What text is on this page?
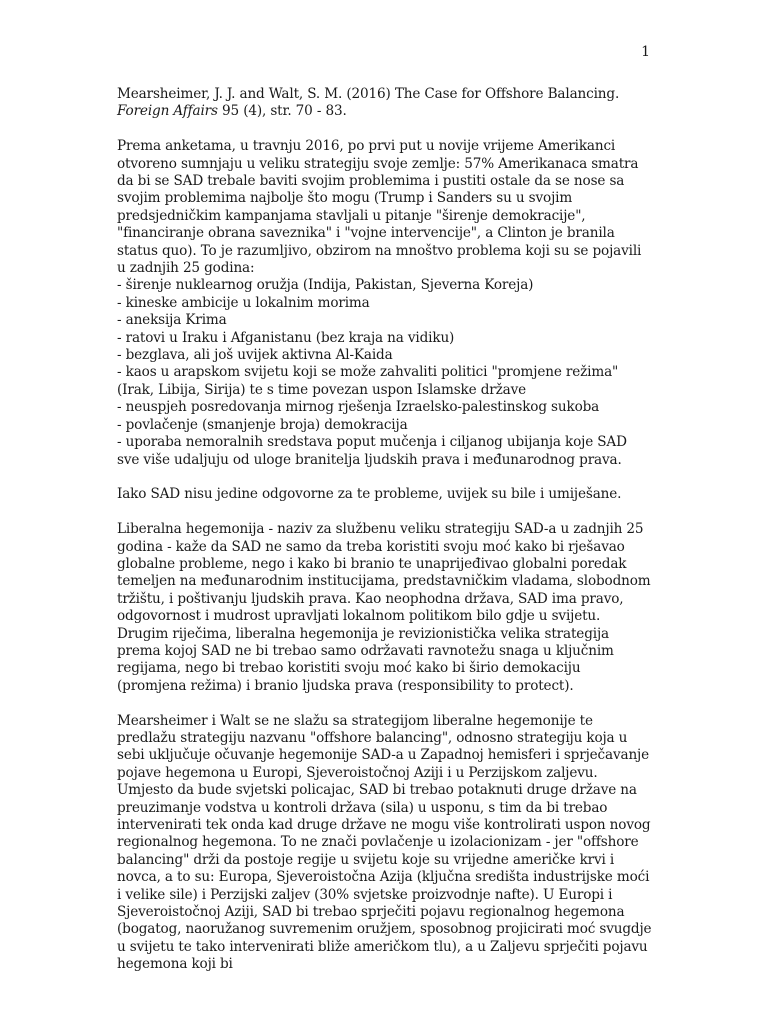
1

Mearsheimer, J. J. and Walt, S. M. (2016) The Case for Offshore Balancing. Foreign Affairs 95 (4), str. 70 - 83.

Prema anketama, u travnju 2016, po prvi put u novije vrijeme Amerikanci otvoreno sumnjaju u veliku strategiju svoje zemlje: 57% Amerikanaca smatra da bi se SAD trebale baviti svojim problemima i pustiti ostale da se nose sa svojim problemima najbolje što mogu (Trump i Sanders su u svojim predsjedničkim kampanjama stavljali u pitanje "širenje demokracije", "financiranje obrana saveznika" i "vojne intervencije", a Clinton je branila status quo). To je razumljivo, obzirom na mnoštvo problema koji su se pojavili u zadnjih 25 godina:

- širenje nuklearnog oružja (Indija, Pakistan, Sjeverna Koreja)
- kineske ambicije u lokalnim morima
- aneksija Krima
- ratovi u Iraku i Afganistanu (bez kraja na vidiku)
- bezglava, ali još uvijek aktivna Al-Kaida
- kaos u arapskom svijetu koji se može zahvaliti politici "promjene režima" (Irak, Libija, Sirija) te s time povezan uspon Islamske države
- neuspjeh posredovanja mirnog rješenja Izraelsko-palestinskog sukoba
- povlačenje (smanjenje broja) demokracija
- uporaba nemoralnih sredstava poput mučenja i ciljanog ubijanja koje SAD sve više udaljuju od uloge branitelja ljudskih prava i međunarodnog prava.

Iako SAD nisu jedine odgovorne za te probleme, uvijek su bile i umiješane.

Liberalna hegemonija - naziv za službenu veliku strategiju SAD-a u zadnjih 25 godina - kaže da SAD ne samo da treba koristiti svoju moć kako bi rješavao globalne probleme, nego i kako bi branio te unaprijeđivao globalni poredak temeljen na međunarodnim institucijama, predstavničkim vladama, slobodnom tržištu, i poštivanju ljudskih prava. Kao neophodna država, SAD ima pravo, odgovornost i mudrost upravljati lokalnom politikom bilo gdje u svijetu. Drugim riječima, liberalna hegemonija je revizionistička velika strategija prema kojoj SAD ne bi trebao samo održavati ravnotežu snaga u ključnim regijama, nego bi trebao koristiti svoju moć kako bi širio demokaciju (promjena režima) i branio ljudska prava (responsibility to protect).

Mearsheimer i Walt se ne slažu sa strategijom liberalne hegemonije te predlažu strategiju nazvanu "offshore balancing", odnosno strategiju koja u sebi uključuje očuvanje hegemonije SAD-a u Zapadnoj hemisferi i sprječavanje pojave hegemona u Europi, Sjeveroistočnoj Aziji i u Perzijskom zaljevu. Umjesto da bude svjetski policajac, SAD bi trebao potaknuti druge države na preuzimanje vodstva u kontroli država (sila) u usponu, s tim da bi trebao intervenirati tek onda kad druge države ne mogu više kontrolirati uspon novog regionalnog hegemona. To ne znači povlačenje u izolacionizam - jer "offshore balancing" drži da postoje regije u svijetu koje su vrijedne američke krvi i novca, a to su: Europa, Sjeveroistočna Azija (ključna središta industrijske moći i velike sile) i Perzijski zaljev (30% svjetske proizvodnje nafte). U Europi i Sjeveroistočnoj Aziji, SAD bi trebao sprječiti pojavu regionalnog hegemona (bogatog, naoružanog suvremenim oružjem, sposobnog projicirati moć svugdje u svijetu te tako intervenirati bliže američkom tlu), a u Zaljevu sprječiti pojavu hegemona koji bi
